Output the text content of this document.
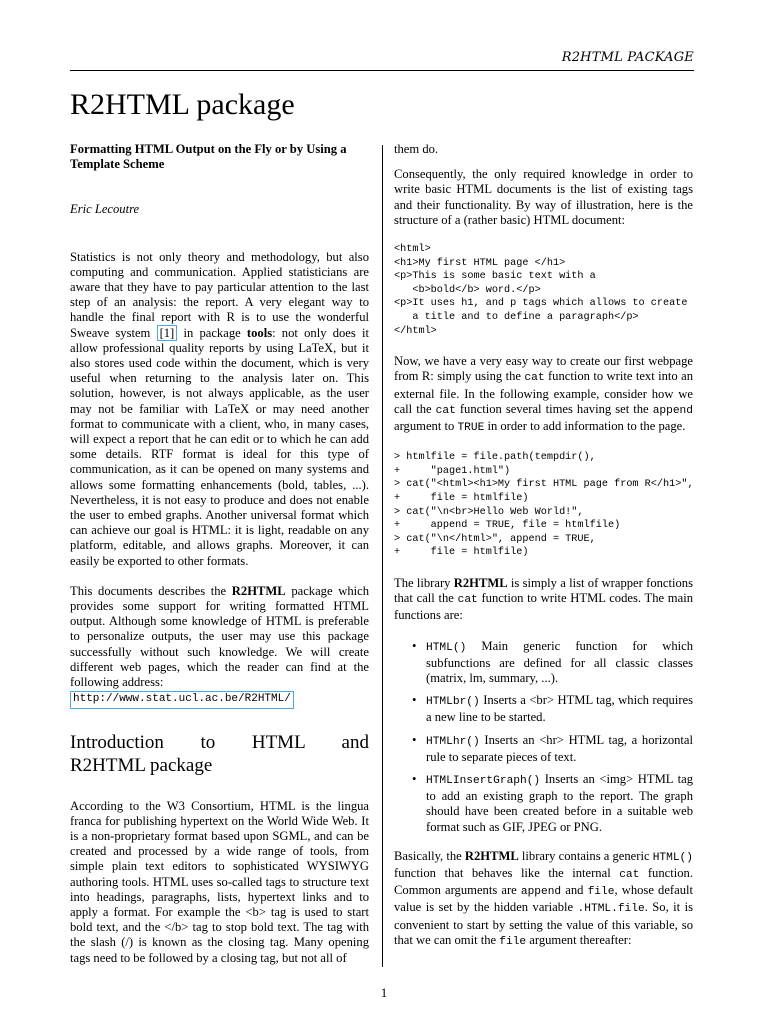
R2HTML PACKAGE
R2HTML package

Formatting HTML Output on the Fly or by Using a Template Scheme

Eric Lecoutre

Statistics is not only theory and methodology, but also computing and communication. Applied statisticians are aware that they have to pay particular attention to the last step of an analysis: the report. A very elegant way to handle the final report with R is to use the wonderful Sweave system [1] in package tools: not only does it allow professional quality reports by using LaTeX, but it also stores used code within the document, which is very useful when returning to the analysis later on. This solution, however, is not always applicable, as the user may not be familiar with LaTeX or may need another format to communicate with a client, who, in many cases, will expect a report that he can edit or to which he can add some details. RTF format is ideal for this type of communication, as it can be opened on many systems and allows some formatting enhancements (bold, tables, ...). Nevertheless, it is not easy to produce and does not enable the user to embed graphs. Another universal format which can achieve our goal is HTML: it is light, readable on any platform, editable, and allows graphs. Moreover, it can easily be exported to other formats.

This documents describes the R2HTML package which provides some support for writing formatted HTML output. Although some knowledge of HTML is preferable to personalize outputs, the user may use this package successfully without such knowledge. We will create different web pages, which the reader can find at the following address:
http://www.stat.ucl.ac.be/R2HTML/

Introduction to HTML and
R2HTML package

According to the W3 Consortium, HTML is the lingua franca for publishing hypertext on the World Wide Web. It is a non-proprietary format based upon SGML, and can be created and processed by a wide range of tools, from simple plain text editors to sophisticated WYSIWYG authoring tools. HTML uses so-called tags to structure text into headings, paragraphs, lists, hypertext links and to apply a format. For example the <b> tag is used to start bold text, and the </b> tag to stop bold text. The tag with the slash (/) is known as the closing tag. Many opening tags need to be followed by a closing tag, but not all of

them do.

Consequently, the only required knowledge in order to write basic HTML documents is the list of existing tags and their functionality. By way of illustration, here is the structure of a (rather basic) HTML document:

<html>
<h1>My first HTML page </h1>
<p>This is some basic text with a
<b>bold</b> word.</p>
<p>It uses h1, and p tags which allows to create
a title and to define a paragraph</p>
</html>

Now, we have a very easy way to create our first webpage from R: simply using the cat function to write text into an external file. In the following example, consider how we call the cat function several times having set the append argument to TRUE in order to add information to the page.

> htmlfile = file.path(tempdir(),
+     "page1.html")
> cat("<html><h1>My first HTML page from R</h1>",
+     file = htmlfile)
> cat("\n<br>Hello Web World!",
+     append = TRUE, file = htmlfile)
> cat("\n</html>", append = TRUE,
+     file = htmlfile)

The library R2HTML is simply a list of wrapper fonctions that call the cat function to write HTML codes. The main functions are:

• HTML() Main generic function for which subfunctions are defined for all classic classes (matrix, lm, summary, ...).
• HTMLbr() Inserts a <br> HTML tag, which requires a new line to be started.
• HTMLhr() Inserts an <hr> HTML tag, a horizontal rule to separate pieces of text.
• HTMLInsertGraph() Inserts an <img> HTML tag to add an existing graph to the report. The graph should have been created before in a suitable web format such as GIF, JPEG or PNG.

Basically, the R2HTML library contains a generic HTML() function that behaves like the internal cat function. Common arguments are append and file, whose default value is set by the hidden variable .HTML.file. So, it is convenient to start by setting the value of this variable, so that we can omit the file argument thereafter:

1
